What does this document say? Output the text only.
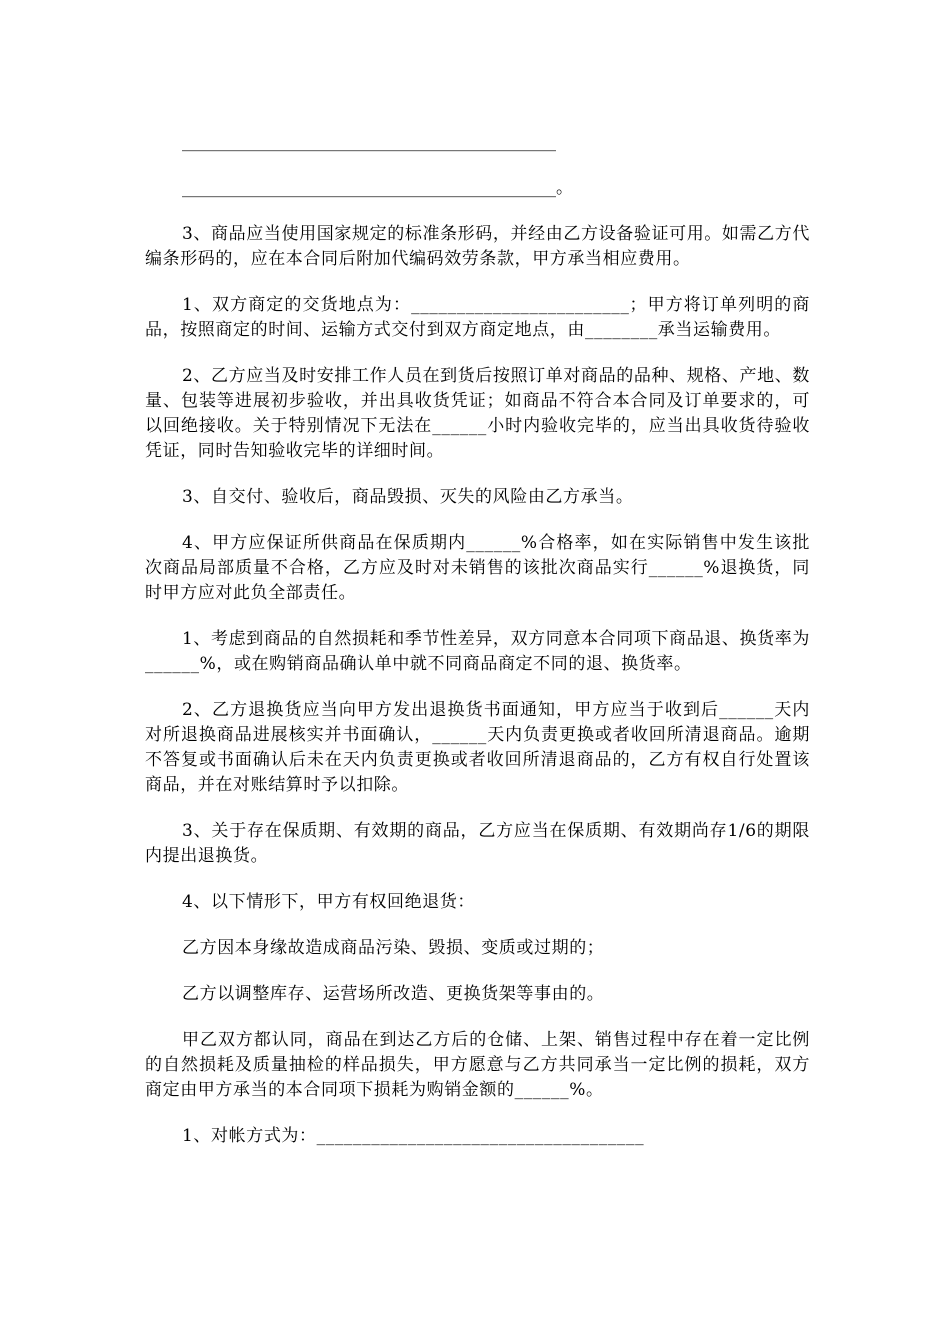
____________________________________________
____________________________________________。

3、商品应当使用国家规定的标准条形码，并经由乙方设备验证可用。如需乙方代编条形码的，应在本合同后附加代编码效劳条款，甲方承当相应费用。

1、双方商定的交货地点为：________________________；甲方将订单列明的商品，按照商定的时间、运输方式交付到双方商定地点，由________承当运输费用。

2、乙方应当及时安排工作人员在到货后按照订单对商品的品种、规格、产地、数量、包装等进展初步验收，并出具收货凭证；如商品不符合本合同及订单要求的，可以回绝接收。关于特别情况下无法在______小时内验收完毕的，应当出具收货待验收凭证，同时告知验收完毕的详细时间。

3、自交付、验收后，商品毁损、灭失的风险由乙方承当。

4、甲方应保证所供商品在保质期内______%合格率，如在实际销售中发生该批次商品局部质量不合格，乙方应及时对未销售的该批次商品实行______%退换货，同时甲方应对此负全部责任。

1、考虑到商品的自然损耗和季节性差异，双方同意本合同项下商品退、换货率为______%，或在购销商品确认单中就不同商品商定不同的退、换货率。

2、乙方退换货应当向甲方发出退换货书面通知，甲方应当于收到后______天内对所退换商品进展核实并书面确认，______天内负责更换或者收回所清退商品。逾期不答复或书面确认后未在天内负责更换或者收回所清退商品的，乙方有权自行处置该商品，并在对账结算时予以扣除。

3、关于存在保质期、有效期的商品，乙方应当在保质期、有效期尚存1/6的期限内提出退换货。

4、以下情形下，甲方有权回绝退货：

乙方因本身缘故造成商品污染、毁损、变质或过期的；

乙方以调整库存、运营场所改造、更换货架等事由的。

甲乙双方都认同，商品在到达乙方后的仓储、上架、销售过程中存在着一定比例的自然损耗及质量抽检的样品损失，甲方愿意与乙方共同承当一定比例的损耗，双方商定由甲方承当的本合同项下损耗为购销金额的______%。

1、对帐方式为：____________________________________
